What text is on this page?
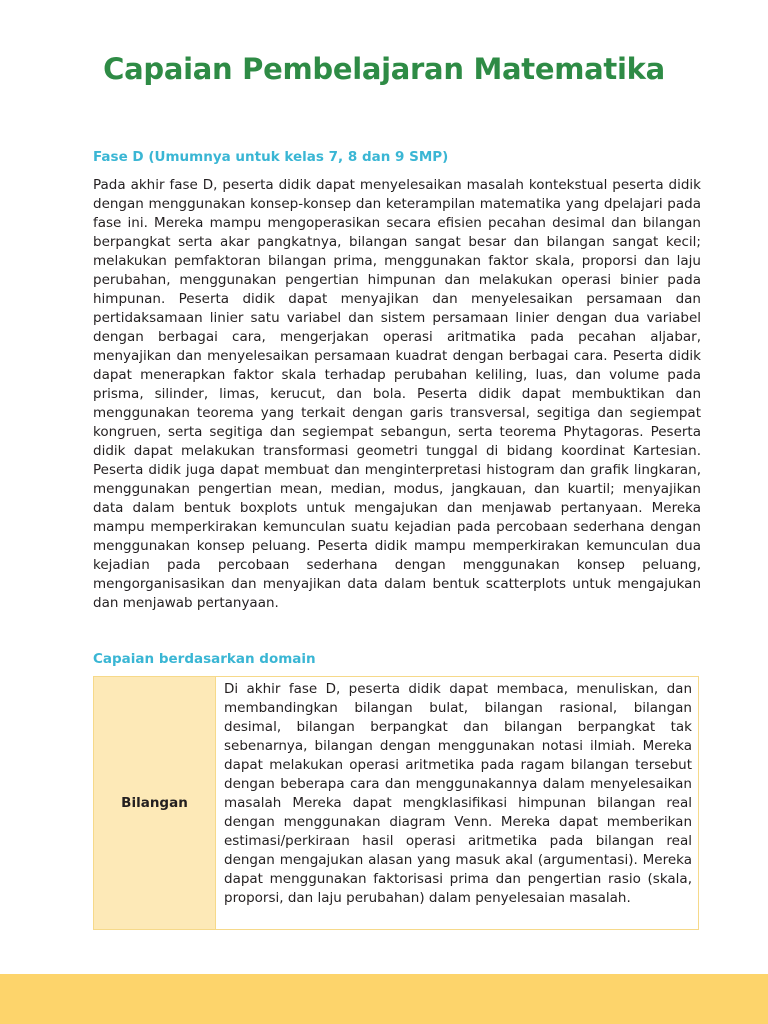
Capaian Pembelajaran Matematika
Fase D (Umumnya untuk kelas 7, 8 dan 9 SMP)
Pada akhir fase D, peserta didik dapat menyelesaikan masalah kontekstual peserta didik dengan menggunakan konsep-konsep dan keterampilan matematika yang dpelajari pada fase ini. Mereka mampu mengoperasikan secara efisien pecahan desimal dan bilangan berpangkat serta akar pangkatnya, bilangan sangat besar dan bilangan sangat kecil; melakukan pemfaktoran bilangan prima, menggunakan faktor skala, proporsi dan laju perubahan, menggunakan pengertian himpunan dan melakukan operasi binier pada himpunan. Peserta didik dapat menyajikan dan menyelesaikan persamaan dan pertidaksamaan linier satu variabel dan sistem persamaan linier dengan dua variabel dengan berbagai cara, mengerjakan operasi aritmatika pada pecahan aljabar, menyajikan dan menyelesaikan persamaan kuadrat dengan berbagai cara. Peserta didik dapat menerapkan faktor skala terhadap perubahan keliling, luas, dan volume pada prisma, silinder, limas, kerucut, dan bola. Peserta didik dapat membuktikan dan menggunakan teorema yang terkait dengan garis transversal, segitiga dan segiempat kongruen, serta segitiga dan segiempat sebangun, serta teorema Phytagoras. Peserta didik dapat melakukan transformasi geometri tunggal di bidang koordinat Kartesian. Peserta didik juga dapat membuat dan menginterpretasi histogram dan grafik lingkaran, menggunakan pengertian mean, median, modus, jangkauan, dan kuartil; menyajikan data dalam bentuk boxplots untuk mengajukan dan menjawab pertanyaan. Mereka mampu memperkirakan kemunculan suatu kejadian pada percobaan sederhana dengan menggunakan konsep peluang. Peserta didik mampu memperkirakan kemunculan dua kejadian pada percobaan sederhana dengan menggunakan konsep peluang, mengorganisasikan dan menyajikan data dalam bentuk scatterplots untuk mengajukan dan menjawab pertanyaan.
Capaian berdasarkan domain
Bilangan
Di akhir fase D, peserta didik dapat membaca, menuliskan, dan membandingkan bilangan bulat, bilangan rasional, bilangan desimal, bilangan berpangkat dan bilangan berpangkat tak sebenarnya, bilangan dengan menggunakan notasi ilmiah. Mereka dapat melakukan operasi aritmetika pada ragam bilangan tersebut dengan beberapa cara dan menggunakannya dalam menyelesaikan masalah Mereka dapat mengklasifikasi himpunan bilangan real dengan menggunakan diagram Venn. Mereka dapat memberikan estimasi/perkiraan hasil operasi aritmetika pada bilangan real dengan mengajukan alasan yang masuk akal (argumentasi). Mereka dapat menggunakan faktorisasi prima dan pengertian rasio (skala, proporsi, dan laju perubahan) dalam penyelesaian masalah.
